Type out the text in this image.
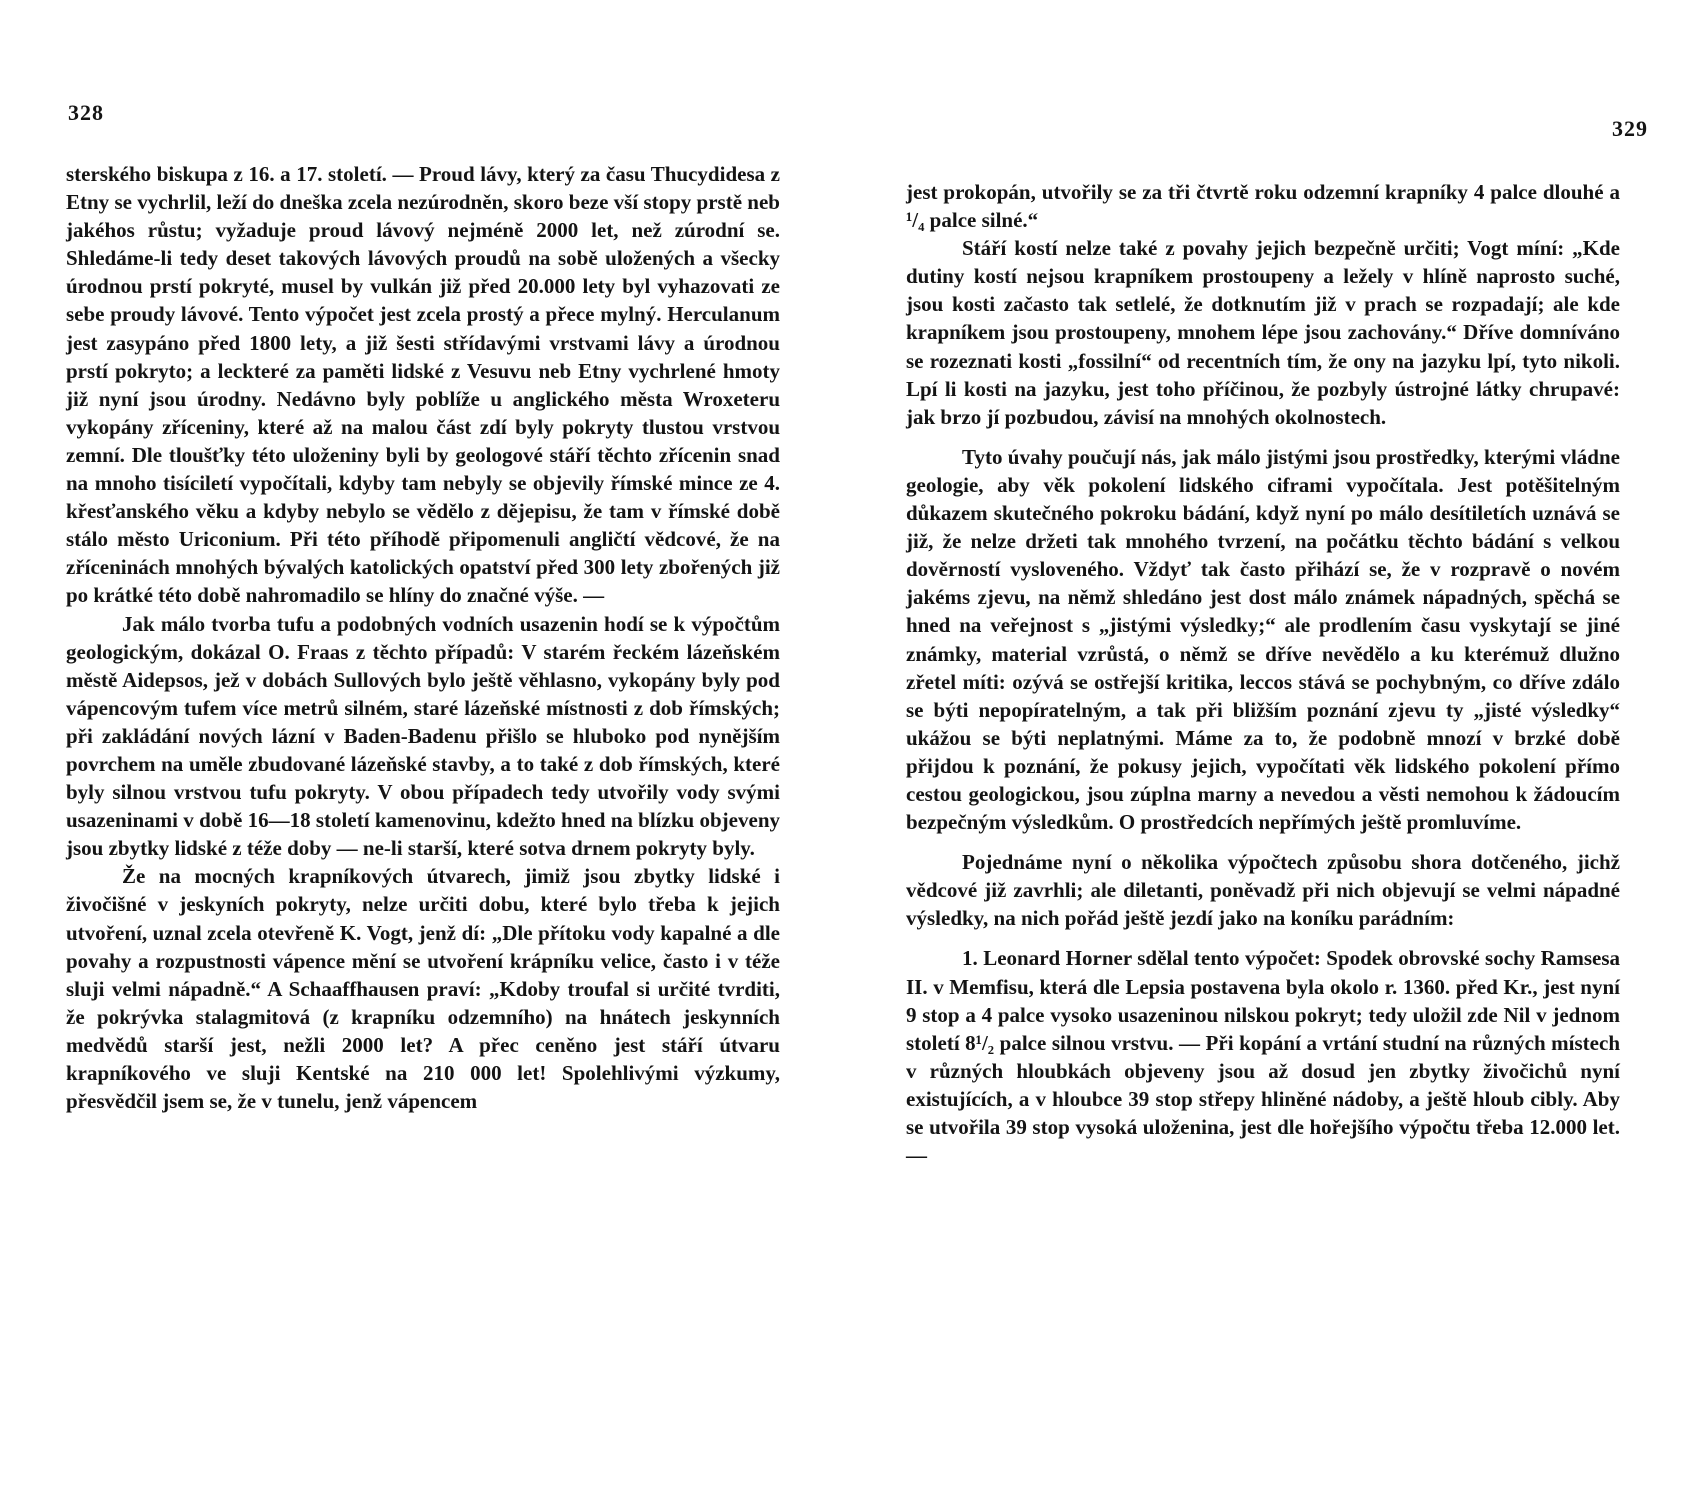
328

sterského biskupa z 16. a 17. století. — Proud lávy, který za času Thucydidesa z Etny se vychrlil, leží do dneška zcela nezúrodněn, skoro beze vší stopy prstě neb jakéhos růstu; vyžaduje proud lávový nejméně 2000 let, než zúrodní se. Shledáme-li tedy deset takových lávových proudů na sobě uložených a všecky úrodnou prstí pokryté, musel by vulkán již před 20.000 lety byl vyhazovati ze sebe proudy lávové. Tento výpočet jest zcela prostý a přece mylný. Herculanum jest zasypáno před 1800 lety, a již šesti střídavými vrstvami lávy a úrodnou prstí pokryto; a leckteré za paměti lidské z Vesuvu neb Etny vychrlené hmoty již nyní jsou úrodny. Nedávno byly poblíže u anglického města Wroxeteru vykopány zříceniny, které až na malou část zdí byly pokryty tlustou vrstvou zemní. Dle tloušťky této uloženiny byli by geologové stáří těchto zřícenin snad na mnoho tisíciletí vypočítali, kdyby tam nebyly se objevily římské mince ze 4. křesťanského věku a kdyby nebylo se vědělo z dějepisu, že tam v římské době stálo město Uriconium. Při této příhodě připomenuli angličtí vědcové, že na zříceninách mnohých bývalých katolických opatství před 300 lety zbořených již po krátké této době nahromadilo se hlíny do značné výše. —

Jak málo tvorba tufu a podobných vodních usazenin hodí se k výpočtům geologickým, dokázal O. Fraas z těchto případů: V starém řeckém lázeňském městě Aidepsos, jež v dobách Sullových bylo ještě věhlasno, vykopány byly pod vápencovým tufem více metrů silném, staré lázeňské místnosti z dob římských; při zakládání nových lázní v Baden-Badenu přišlo se hluboko pod nynějším povrchem na uměle zbudované lázeňské stavby, a to také z dob římských, které byly silnou vrstvou tufu pokryty. V obou případech tedy utvořily vody svými usazeninami v době 16—18 století kamenovinu, kdežto hned na blízku objeveny jsou zbytky lidské z téže doby — ne-li starší, které sotva drnem pokryty byly.

Že na mocných krapníkových útvarech, jimiž jsou zbytky lidské i živočišné v jeskyních pokryty, nelze určiti dobu, které bylo třeba k jejich utvoření, uznal zcela otevřeně K. Vogt, jenž dí: „Dle přítoku vody kapalné a dle povahy a rozpustnosti vápence mění se utvoření krápníku velice, často i v téže sluji velmi nápadně.“ A Schaaffhausen praví: „Kdoby troufal si určité tvrditi, že pokrývka stalagmitová (z krapníku odzemního) na hnátech jeskynních medvědů starší jest, nežli 2000 let? A přec ceněno jest stáří útvaru krapníkového ve sluji Kentské na 210 000 let! Spolehlivými výzkumy, přesvědčil jsem se, že v tunelu, jenž vápencem

329

jest prokopán, utvořily se za tři čtvrtě roku odzemní krapníky 4 palce dlouhé a ¹/₄ palce silné.“

Stáří kostí nelze také z povahy jejich bezpečně určiti; Vogt míní: „Kde dutiny kostí nejsou krapníkem prostoupeny a ležely v hlíně naprosto suché, jsou kosti začasto tak setlelé, že dotknutím již v prach se rozpadají; ale kde krapníkem jsou prostoupeny, mnohem lépe jsou zachovány.“ Dříve domníváno se rozeznati kosti „fossilní“ od recentních tím, že ony na jazyku lpí, tyto nikoli. Lpí li kosti na jazyku, jest toho příčinou, že pozbyly ústrojné látky chrupavé: jak brzo jí pozbudou, závisí na mnohých okolnostech.

Tyto úvahy poučují nás, jak málo jistými jsou prostředky, kterými vládne geologie, aby věk pokolení lidského ciframi vypočítala. Jest potěšitelným důkazem skutečného pokroku bádání, když nyní po málo desítiletích uznává se již, že nelze držeti tak mnohého tvrzení, na počátku těchto bádání s velkou dověrností vysloveného. Vždyť tak často přihází se, že v rozpravě o novém jakéms zjevu, na němž shledáno jest dost málo známek nápadných, spěchá se hned na veřejnost s „jistými výsledky;“ ale prodlením času vyskytají se jiné známky, material vzrůstá, o němž se dříve nevědělo a ku kterémuž dlužno zřetel míti: ozývá se ostřejší kritika, leccos stává se pochybným, co dříve zdálo se býti nepopíratelným, a tak při bližším poznání zjevu ty „jisté výsledky“ ukážou se býti neplatnými. Máme za to, že podobně mnozí v brzké době přijdou k poznání, že pokusy jejich, vypočítati věk lidského pokolení přímo cestou geologickou, jsou zúplna marny a nevedou a věsti nemohou k žádoucím bezpečným výsledkům. O prostředcích nepřímých ještě promluvíme.

Pojednáme nyní o několika výpočtech způsobu shora dotčeného, jichž vědcové již zavrhli; ale diletanti, poněvadž při nich objevují se velmi nápadné výsledky, na nich pořád ještě jezdí jako na koníku parádním:

1. Leonard Horner sdělal tento výpočet: Spodek obrovské sochy Ramsesa II. v Memfisu, která dle Lepsia postavena byla okolo r. 1360. před Kr., jest nyní 9 stop a 4 palce vysoko usazeninou nilskou pokryt; tedy uložil zde Nil v jednom století 8¹/₂ palce silnou vrstvu. — Při kopání a vrtání studní na různých místech v různých hloubkách objeveny jsou až dosud jen zbytky živočichů nyní existujících, a v hloubce 39 stop střepy hliněné nádoby, a ještě hloub cibly. Aby se utvořila 39 stop vysoká uloženina, jest dle hořejšího výpočtu třeba 12.000 let. —
